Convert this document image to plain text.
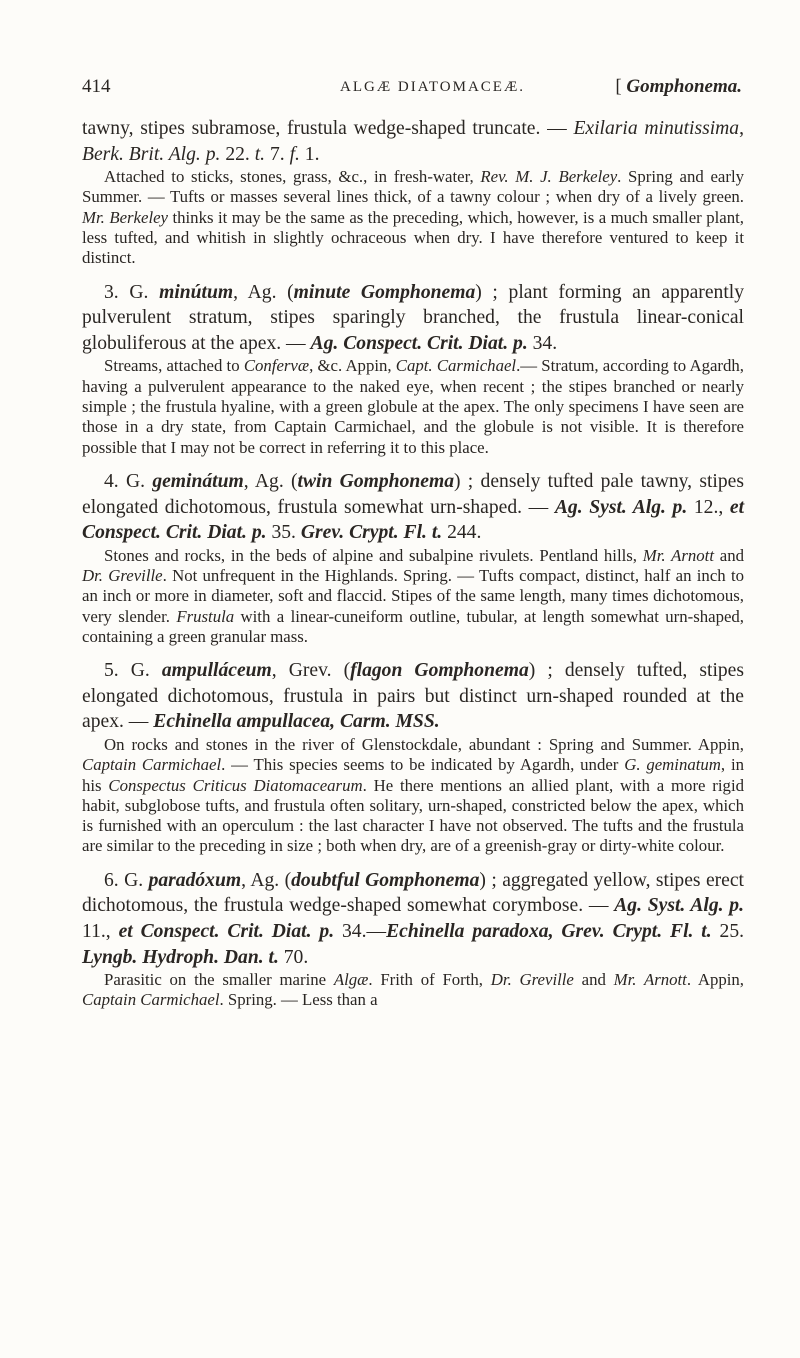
414	ALGÆ DIATOMACEÆ.	[ Gomphonema.

tawny, stipes subramose, frustula wedge-shaped truncate. — Exilaria minutissima, Berk. Brit. Alg. p. 22. t. 7. f. 1.

Attached to sticks, stones, grass, &c., in fresh-water, Rev. M. J. Berkeley. Spring and early Summer. — Tufts or masses several lines thick, of a tawny colour ; when dry of a lively green. Mr. Berkeley thinks it may be the same as the preceding, which, however, is a much smaller plant, less tufted, and whitish in slightly ochraceous when dry. I have therefore ventured to keep it distinct.

3. G. minútum, Ag. (minute Gomphonema) ; plant forming an apparently pulverulent stratum, stipes sparingly branched, the frustula linear-conical globuliferous at the apex. — Ag. Conspect. Crit. Diat. p. 34.

Streams, attached to Confervæ, &c. Appin, Capt. Carmichael.— Stratum, according to Agardh, having a pulverulent appearance to the naked eye, when recent ; the stipes branched or nearly simple ; the frustula hyaline, with a green globule at the apex. The only specimens I have seen are those in a dry state, from Captain Carmichael, and the globule is not visible. It is therefore possible that I may not be correct in referring it to this place.

4. G. geminátum, Ag. (twin Gomphonema) ; densely tufted pale tawny, stipes elongated dichotomous, frustula somewhat urn-shaped. — Ag. Syst. Alg. p. 12., et Conspect. Crit. Diat. p. 35. Grev. Crypt. Fl. t. 244.

Stones and rocks, in the beds of alpine and subalpine rivulets. Pentland hills, Mr. Arnott and Dr. Greville. Not unfrequent in the Highlands. Spring. — Tufts compact, distinct, half an inch to an inch or more in diameter, soft and flaccid. Stipes of the same length, many times dichotomous, very slender. Frustula with a linear-cuneiform outline, tubular, at length somewhat urn-shaped, containing a green granular mass.

5. G. ampulláceum, Grev. (flagon Gomphonema) ; densely tufted, stipes elongated dichotomous, frustula in pairs but distinct urn-shaped rounded at the apex. — Echinella ampullacea, Carm. MSS.

On rocks and stones in the river of Glenstockdale, abundant : Spring and Summer. Appin, Captain Carmichael. — This species seems to be indicated by Agardh, under G. geminatum, in his Conspectus Criticus Diatomacearum. He there mentions an allied plant, with a more rigid habit, subglobose tufts, and frustula often solitary, urn-shaped, constricted below the apex, which is furnished with an operculum : the last character I have not observed. The tufts and the frustula are similar to the preceding in size ; both when dry, are of a greenish-gray or dirty-white colour.

6. G. paradóxum, Ag. (doubtful Gomphonema) ; aggregated yellow, stipes erect dichotomous, the frustula wedge-shaped somewhat corymbose. — Ag. Syst. Alg. p. 11., et Conspect. Crit. Diat. p. 34.—Echinella paradoxa, Grev. Crypt. Fl. t. 25. Lyngb. Hydroph. Dan. t. 70.

Parasitic on the smaller marine Algæ. Frith of Forth, Dr. Greville and Mr. Arnott. Appin, Captain Carmichael. Spring. — Less than a
